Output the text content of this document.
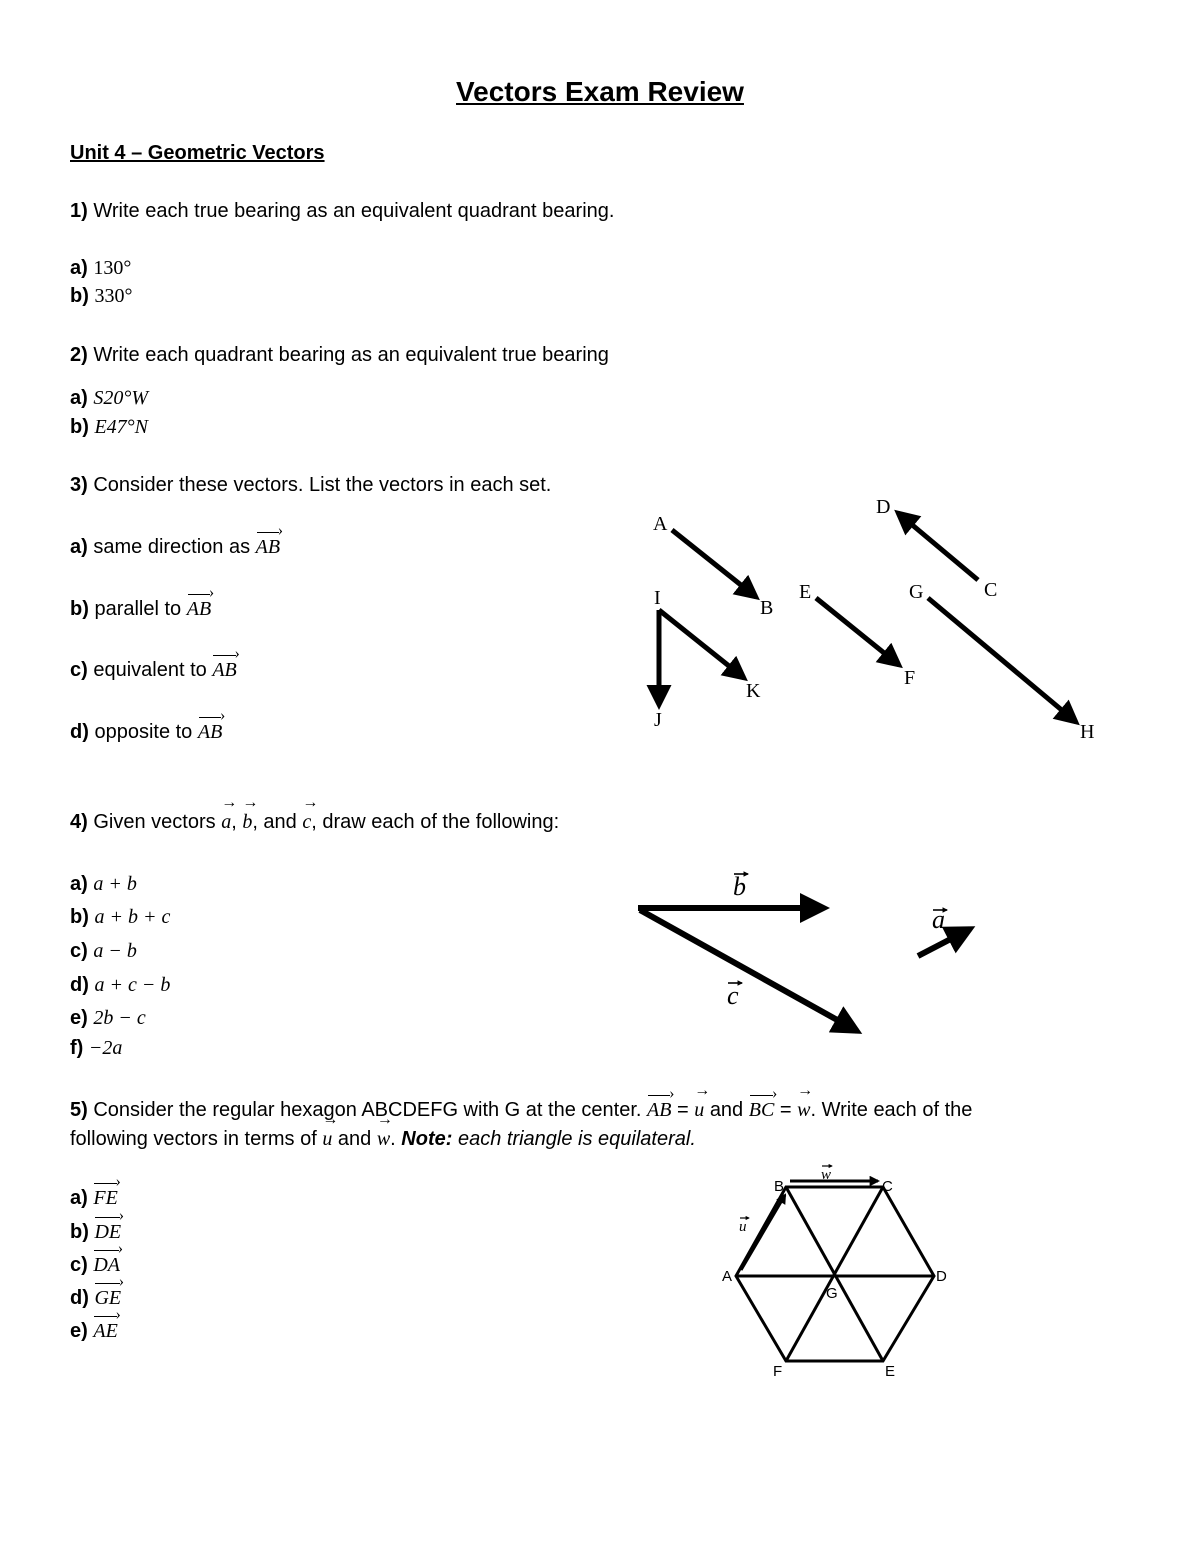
Vectors Exam Review
Unit 4 – Geometric Vectors
1) Write each true bearing as an equivalent quadrant bearing.
a) 130°
b) 330°
2) Write each quadrant bearing as an equivalent true bearing
a) S20°W
b) E47°N
3) Consider these vectors. List the vectors in each set.
a) same direction as › AB
b) parallel to › AB
c) equivalent to › AB
d) opposite to › AB
4) Given vectors → a, → b, and → c, draw each of the following:
a) a + b
b) a + b + c
c) a − b
d) a + c − b
e) 2b − c
f) −2a
5) Consider the regular hexagon ABCDEFG with G at the center. › AB = → u and › BC = → w. Write each of the
following vectors in terms of → u and → w. Note: each triangle is equilateral.
a) › FE
b) › DE
c) › DA
d) › GE
e) › AE
A
B
C
D
E
F
G
H
I
J
K
b
c
a
A
B	C
D
E
F
G
u
w
